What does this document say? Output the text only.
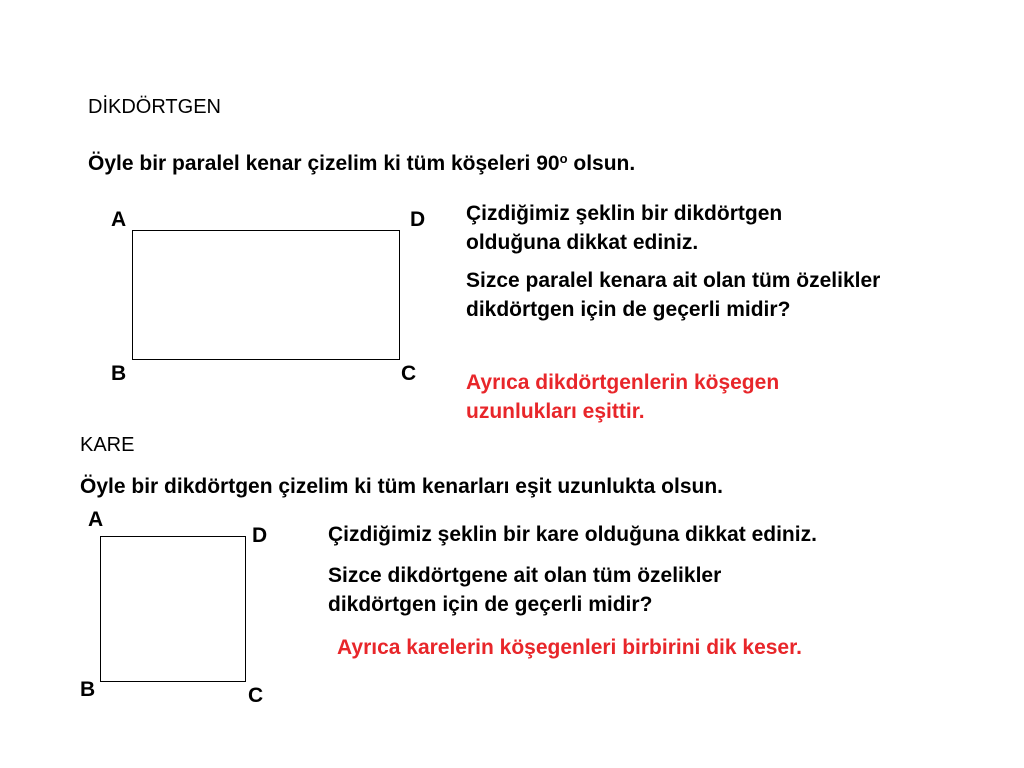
DİKDÖRTGEN
Öyle bir paralel kenar çizelim ki tüm köşeleri 90$^o$ olsun.
A	D
B	C
Çizdiğimiz şeklin bir dikdörtgen olduğuna dikkat ediniz.
Sizce paralel kenara ait olan tüm özelikler dikdörtgen için de geçerli midir?
Ayrıca dikdörtgenlerin köşegen uzunlukları eşittir.
KARE
Öyle bir dikdörtgen çizelim ki tüm kenarları eşit uzunlukta olsun.
A
D
B	C
Çizdiğimiz şeklin bir kare olduğuna dikkat ediniz.
Sizce dikdörtgene ait olan tüm özelikler dikdörtgen için de geçerli midir?
Ayrıca karelerin köşegenleri birbirini dik keser.
